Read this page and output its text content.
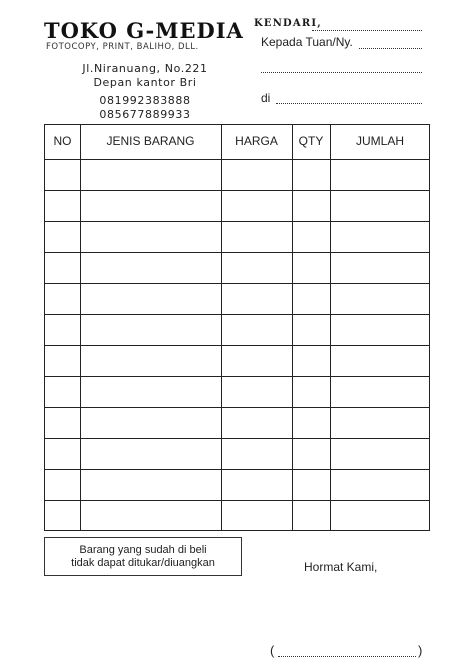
TOKO G-MEDIA
FOTOCOPY, PRINT, BALIHO, DLL.
Jl.Niranuang, No.221
Depan kantor Bri
081992383888
085677889933
KENDARI,
Kepada Tuan/Ny.
di
NO	JENIS BARANG	HARGA	QTY	JUMLAH
Barang yang sudah di beli
tidak dapat ditukar/diuangkan	Hormat Kami,
(	)
